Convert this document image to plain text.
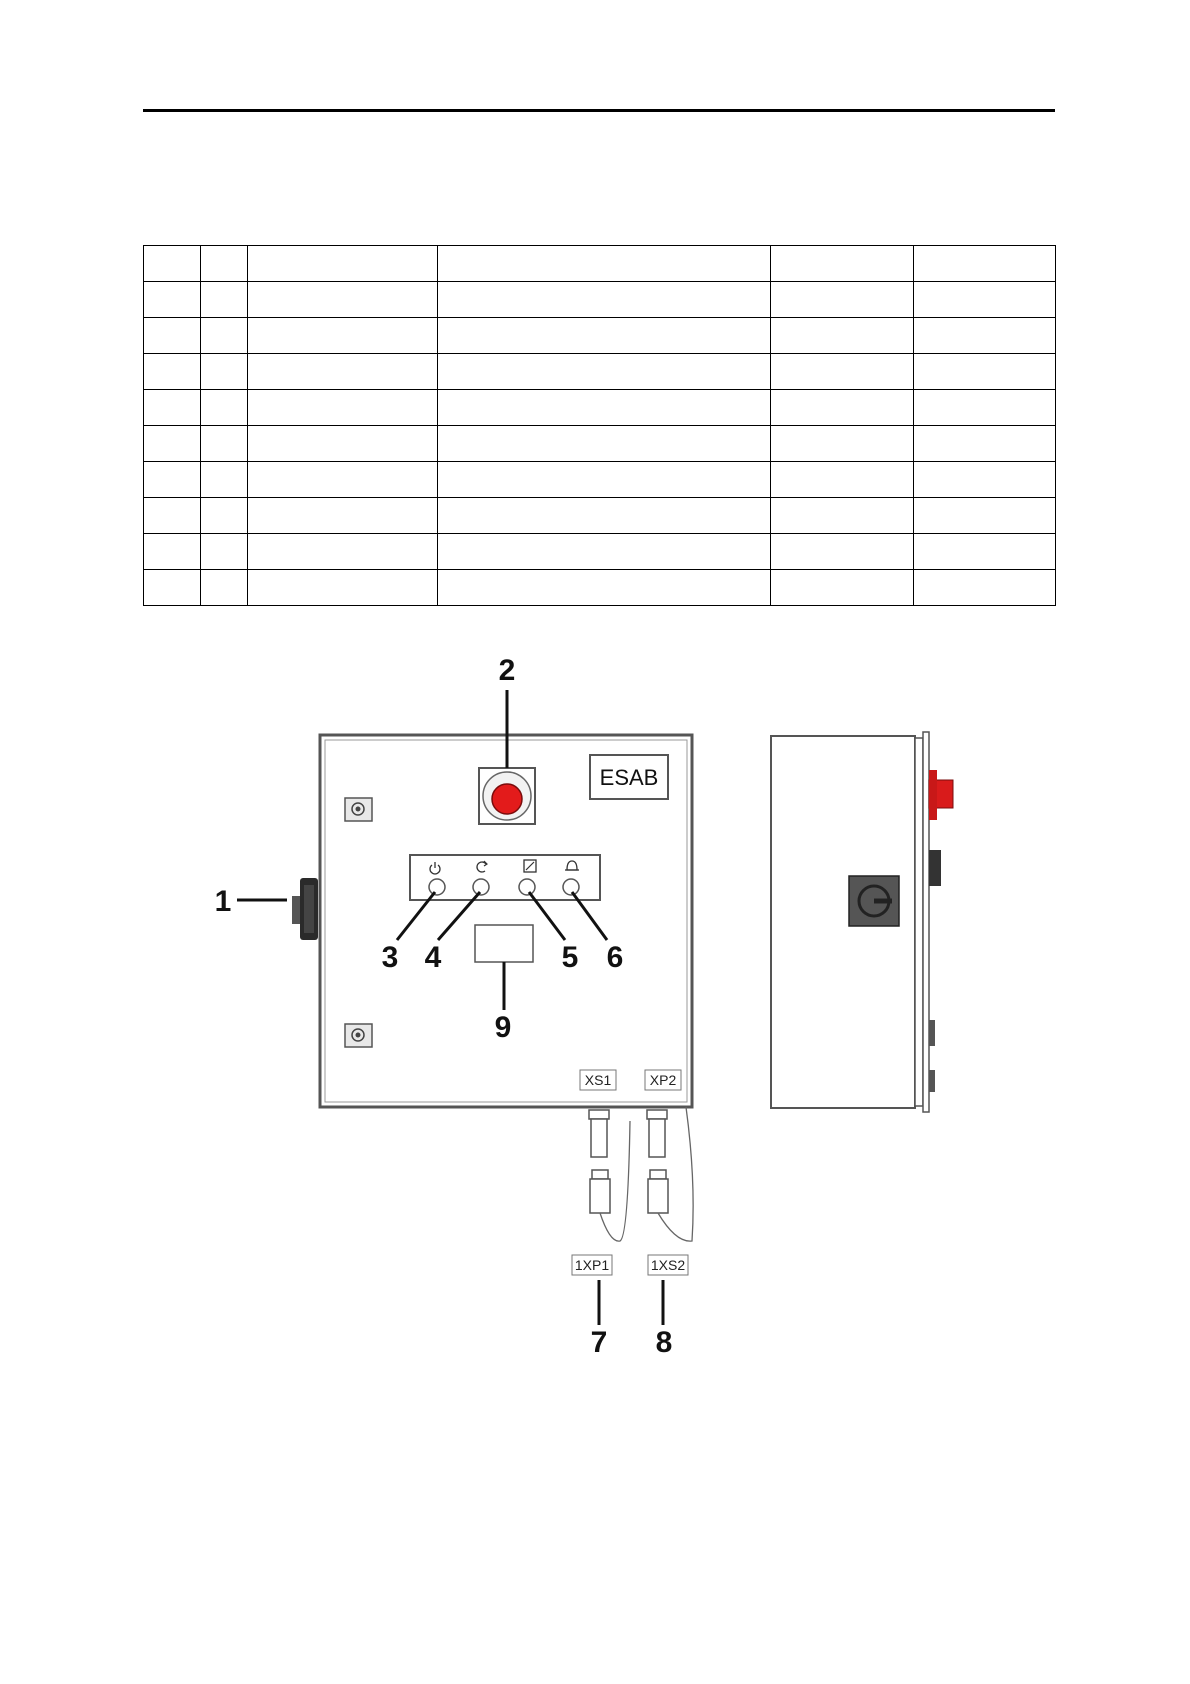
ESAB
XS1	XP2
1XP1	1XS2
2
1
3 4	5 6
9
7 8
